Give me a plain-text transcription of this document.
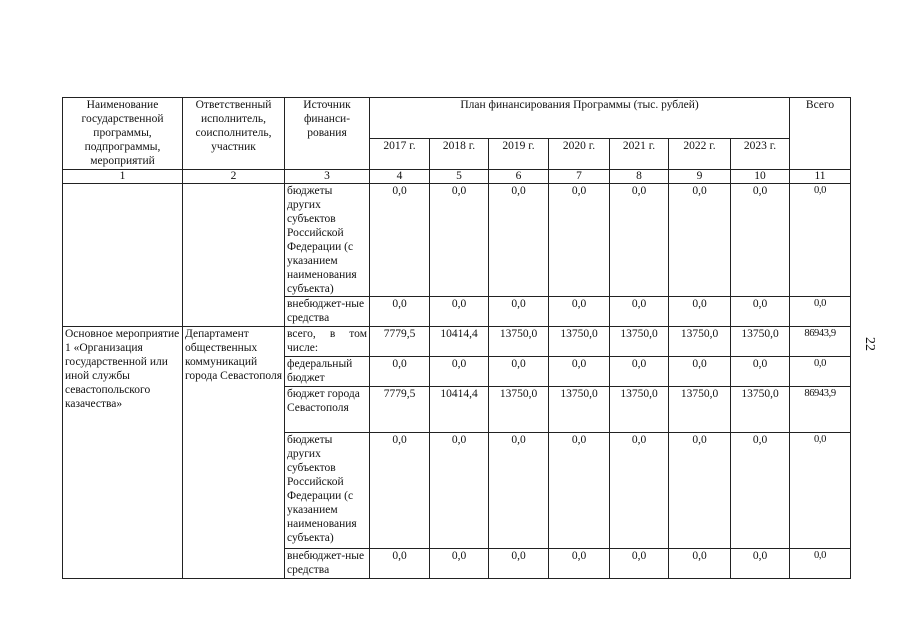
Наименование государственной программы, подпрограммы, мероприятий	Ответственный исполнитель, соисполнитель, участник	Источник финанси-рования	План финансирования Программы (тыс. рублей)							Всего
			2017 г.	2018 г.	2019 г.	2020 г.	2021 г.	2022 г.	2023 г.	
1	2	3	4	5	6	7	8	9	10	11
		бюджеты других субъектов Российской Федерации (с указанием наименования субъекта)	0,0	0,0	0,0	0,0	0,0	0,0	0,0	0,0
		внебюджет-ные средства	0,0	0,0	0,0	0,0	0,0	0,0	0,0	0,0
Основное мероприятие 1 «Организация государственной или иной службы севастопольского казачества»	Департамент общественных коммуникаций города Севастополя	всего, в том числе:	7779,5	10414,4	13750,0	13750,0	13750,0	13750,0	13750,0	86943,9
		федеральный бюджет	0,0	0,0	0,0	0,0	0,0	0,0	0,0	0,0
		бюджет города Севастополя	7779,5	10414,4	13750,0	13750,0	13750,0	13750,0	13750,0	86943,9
		бюджеты других субъектов Российской Федерации (с указанием наименования субъекта)	0,0	0,0	0,0	0,0	0,0	0,0	0,0	0,0
		внебюджет-ные средства	0,0	0,0	0,0	0,0	0,0	0,0	0,0	0,0
22
